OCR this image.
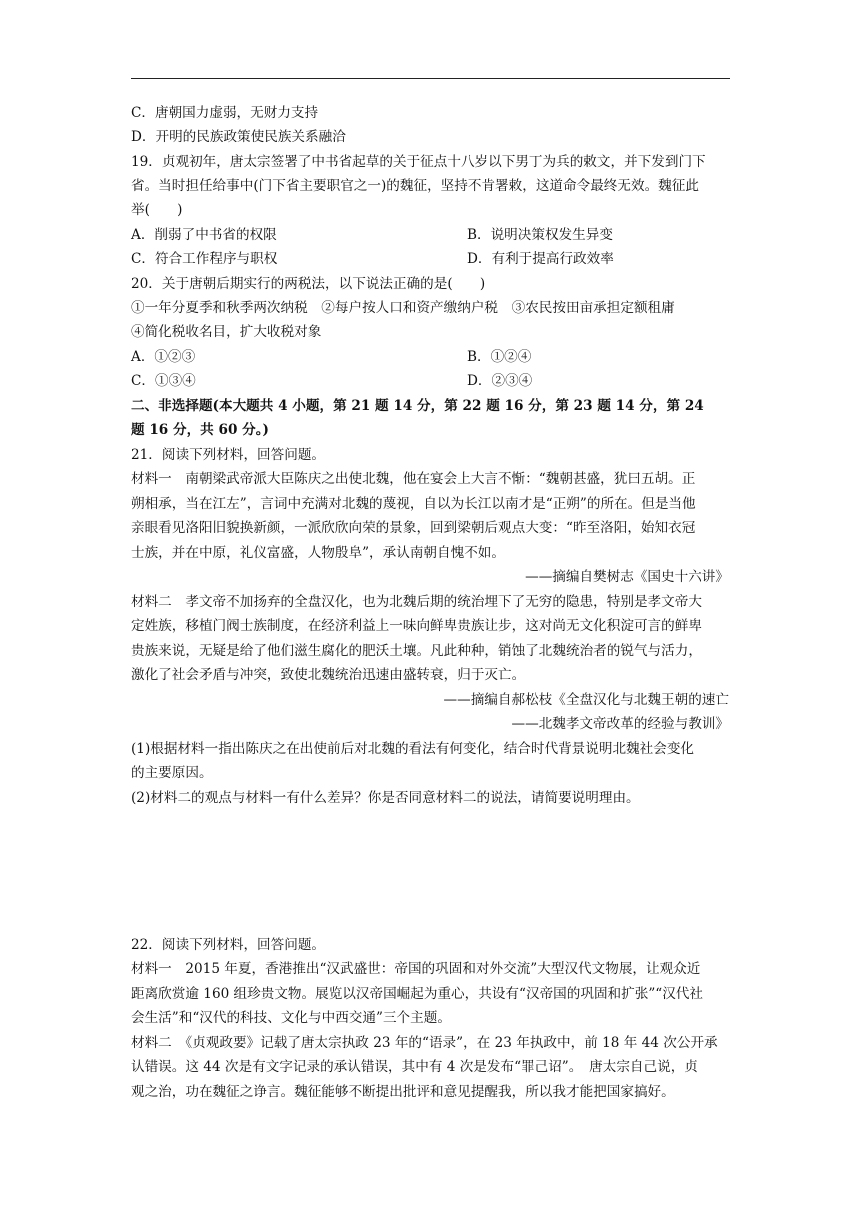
C．唐朝国力虚弱，无财力支持
D．开明的民族政策使民族关系融洽
19．贞观初年，唐太宗签署了中书省起草的关于征点十八岁以下男丁为兵的敕文，并下发到门下
省。当时担任给事中(门下省主要职官之一)的魏征，坚持不肯署敕，这道命令最终无效。魏征此
举(　　)
A．削弱了中书省的权限	B．说明决策权发生异变
C．符合工作程序与职权	D．有利于提高行政效率
20．关于唐朝后期实行的两税法，以下说法正确的是(　　)
①一年分夏季和秋季两次纳税　②每户按人口和资产缴纳户税　③农民按田亩承担定额租庸
④简化税收名目，扩大收税对象
A．①②③	B．①②④
C．①③④	D．②③④
二、非选择题(本大题共 4 小题，第 21 题 14 分，第 22 题 16 分，第 23 题 14 分，第 24
题 16 分，共 60 分。)
21．阅读下列材料，回答问题。
材料一　南朝梁武帝派大臣陈庆之出使北魏，他在宴会上大言不惭：“魏朝甚盛，犹曰五胡。正
朔相承，当在江左”，言词中充满对北魏的蔑视，自以为长江以南才是“正朔”的所在。但是当他
亲眼看见洛阳旧貌换新颜，一派欣欣向荣的景象，回到梁朝后观点大变：“昨至洛阳，始知衣冠
士族，并在中原，礼仪富盛，人物殷阜”，承认南朝自愧不如。
——摘编自樊树志《国史十六讲》
材料二　孝文帝不加扬弃的全盘汉化，也为北魏后期的统治埋下了无穷的隐患，特别是孝文帝大
定姓族，移植门阀士族制度，在经济利益上一味向鲜卑贵族让步，这对尚无文化积淀可言的鲜卑
贵族来说，无疑是给了他们滋生腐化的肥沃土壤。凡此种种，销蚀了北魏统治者的锐气与活力，
激化了社会矛盾与冲突，致使北魏统治迅速由盛转衰，归于灭亡。
——摘编自郝松枝《全盘汉化与北魏王朝的速亡
——北魏孝文帝改革的经验与教训》
(1)根据材料一指出陈庆之在出使前后对北魏的看法有何变化，结合时代背景说明北魏社会变化
的主要原因。
(2)材料二的观点与材料一有什么差异？你是否同意材料二的说法，请简要说明理由。
22．阅读下列材料，回答问题。
材料一　2015 年夏，香港推出“汉武盛世：帝国的巩固和对外交流”大型汉代文物展，让观众近
距离欣赏逾 160 组珍贵文物。展览以汉帝国崛起为重心，共设有“汉帝国的巩固和扩张”“汉代社
会生活”和“汉代的科技、文化与中西交通”三个主题。
材料二　《贞观政要》记载了唐太宗执政 23 年的“语录”，在 23 年执政中，前 18 年 44 次公开承
认错误。这 44 次是有文字记录的承认错误，其中有 4 次是发布“罪己诏”。　唐太宗自己说，贞
观之治，功在魏征之诤言。魏征能够不断提出批评和意见提醒我，所以我才能把国家搞好。
